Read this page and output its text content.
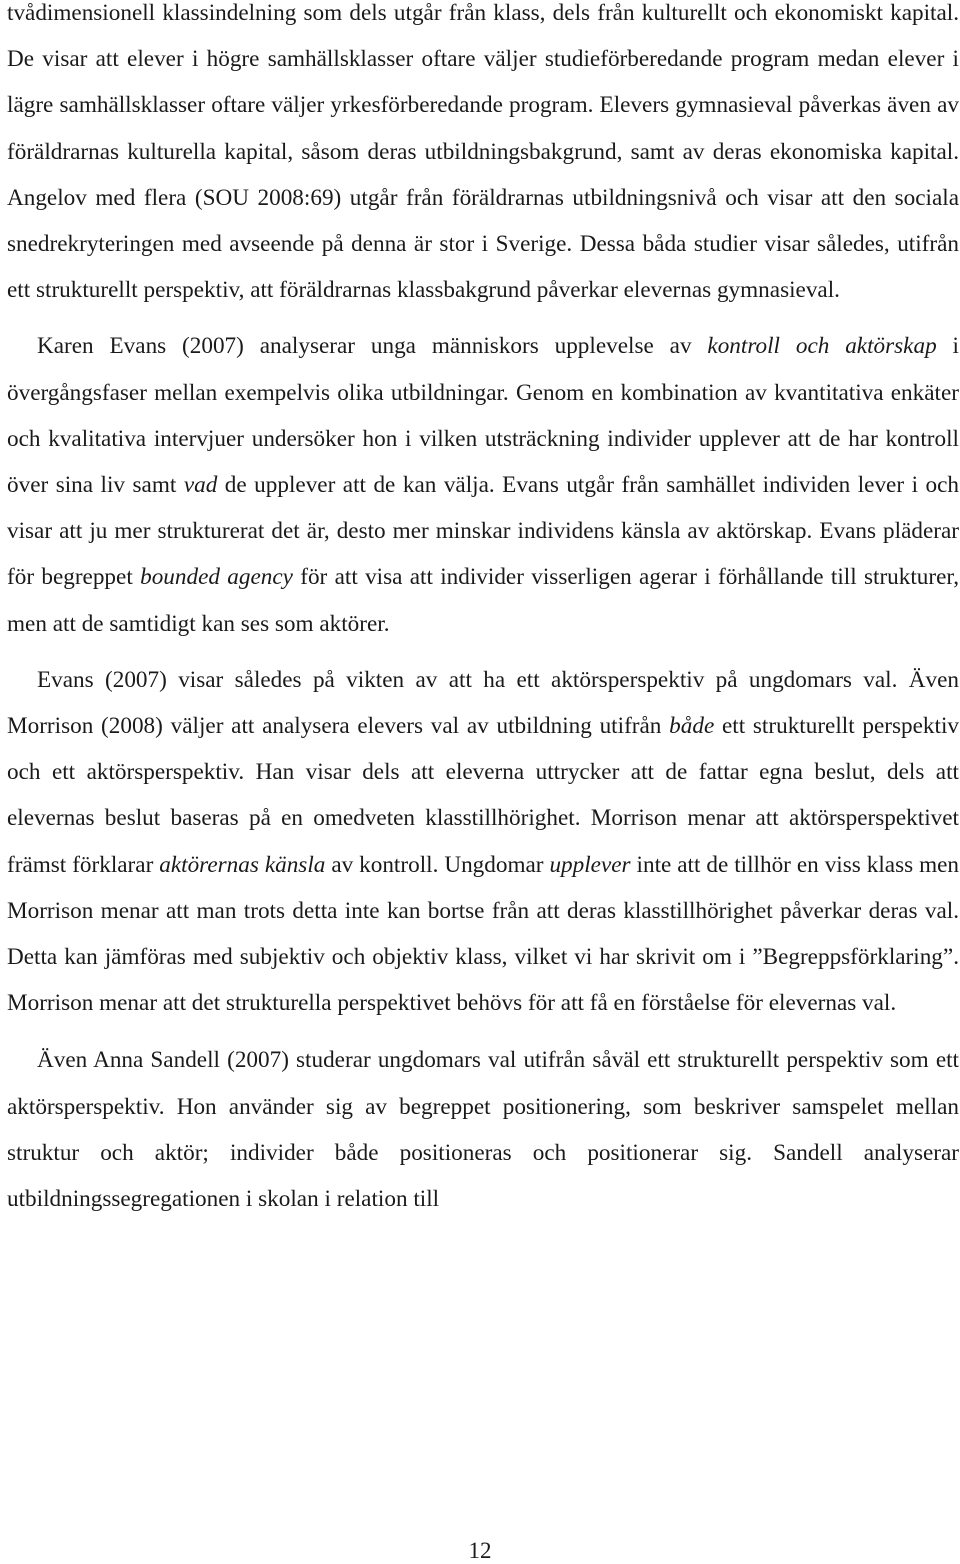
tvådimensionell klassindelning som dels utgår från klass, dels från kulturellt och ekonomiskt kapital. De visar att elever i högre samhällsklasser oftare väljer studieförberedande program medan elever i lägre samhällsklasser oftare väljer yrkesförberedande program. Elevers gymnasieval påverkas även av föräldrarnas kulturella kapital, såsom deras utbildningsbakgrund, samt av deras ekonomiska kapital. Angelov med flera (SOU 2008:69) utgår från föräldrarnas utbildningsnivå och visar att den sociala snedrekryteringen med avseende på denna är stor i Sverige. Dessa båda studier visar således, utifrån ett strukturellt perspektiv, att föräldrarnas klassbakgrund påverkar elevernas gymnasieval.

Karen Evans (2007) analyserar unga människors upplevelse av kontroll och aktörskap i övergångsfaser mellan exempelvis olika utbildningar. Genom en kombination av kvantitativa enkäter och kvalitativa intervjuer undersöker hon i vilken utsträckning individer upplever att de har kontroll över sina liv samt vad de upplever att de kan välja. Evans utgår från samhället individen lever i och visar att ju mer strukturerat det är, desto mer minskar individens känsla av aktörskap. Evans pläderar för begreppet bounded agency för att visa att individer visserligen agerar i förhållande till strukturer, men att de samtidigt kan ses som aktörer.

Evans (2007) visar således på vikten av att ha ett aktörsperspektiv på ungdomars val. Även Morrison (2008) väljer att analysera elevers val av utbildning utifrån både ett strukturellt perspektiv och ett aktörsperspektiv. Han visar dels att eleverna uttrycker att de fattar egna beslut, dels att elevernas beslut baseras på en omedveten klasstillhörighet. Morrison menar att aktörsperspektivet främst förklarar aktörernas känsla av kontroll. Ungdomar upplever inte att de tillhör en viss klass men Morrison menar att man trots detta inte kan bortse från att deras klasstillhörighet påverkar deras val. Detta kan jämföras med subjektiv och objektiv klass, vilket vi har skrivit om i ”Begreppsförklaring”. Morrison menar att det strukturella perspektivet behövs för att få en förståelse för elevernas val.

Även Anna Sandell (2007) studerar ungdomars val utifrån såväl ett strukturellt perspektiv som ett aktörsperspektiv. Hon använder sig av begreppet positionering, som beskriver samspelet mellan struktur och aktör; individer både positioneras och positionerar sig. Sandell analyserar utbildningssegregationen i skolan i relation till

12
